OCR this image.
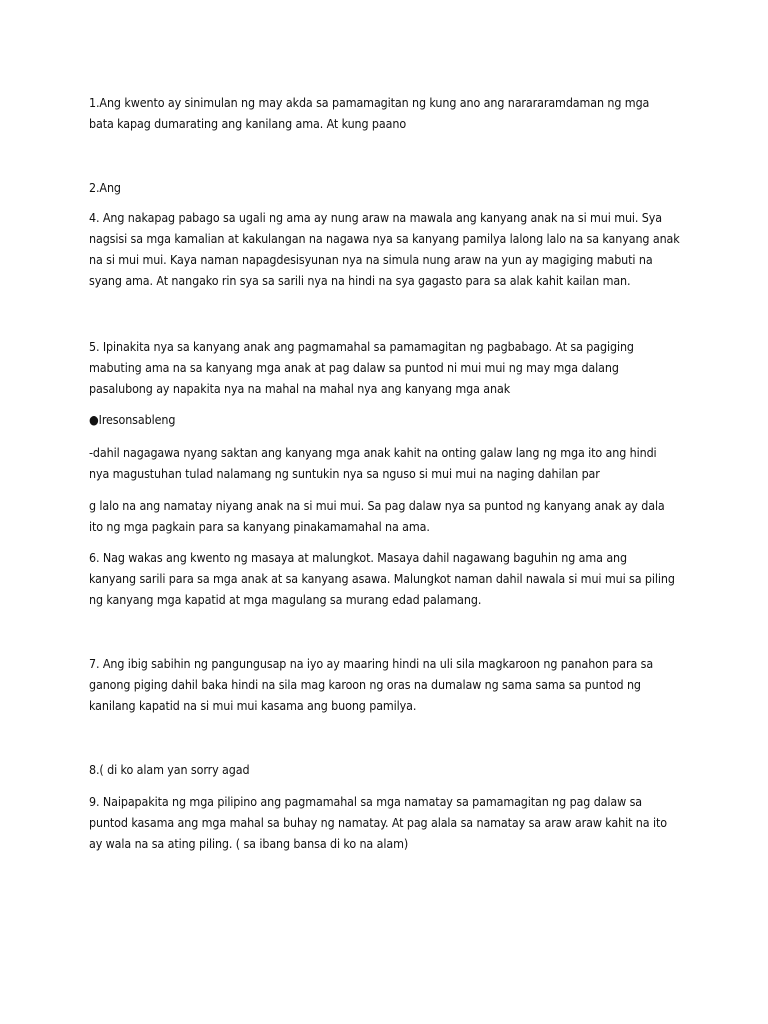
1.Ang kwento ay sinimulan ng may akda sa pamamagitan ng kung ano ang narararamdaman ng mga
bata kapag dumarating ang kanilang ama. At kung paano

2.Ang

4. Ang nakapag pabago sa ugali ng ama ay nung araw na mawala ang kanyang anak na si mui mui. Sya
nagsisi sa mga kamalian at kakulangan na nagawa nya sa kanyang pamilya lalong lalo na sa kanyang anak
na si mui mui. Kaya naman napagdesisyunan nya na simula nung araw na yun ay magiging mabuti na
syang ama. At nangako rin sya sa sarili nya na hindi na sya gagasto para sa alak kahit kailan man.

5. Ipinakita nya sa kanyang anak ang pagmamahal sa pamamagitan ng pagbabago. At sa pagiging
mabuting ama na sa kanyang mga anak at pag dalaw sa puntod ni mui mui ng may mga dalang
pasalubong ay napakita nya na mahal na mahal nya ang kanyang mga anak

●Iresonsableng

-dahil nagagawa nyang saktan ang kanyang mga anak kahit na onting galaw lang ng mga ito ang hindi
nya magustuhan tulad nalamang ng suntukin nya sa nguso si mui mui na naging dahilan par

g lalo na ang namatay niyang anak na si mui mui. Sa pag dalaw nya sa puntod ng kanyang anak ay dala
ito ng mga pagkain para sa kanyang pinakamamahal na ama.

6. Nag wakas ang kwento ng masaya at malungkot. Masaya dahil nagawang baguhin ng ama ang
kanyang sarili para sa mga anak at sa kanyang asawa. Malungkot naman dahil nawala si mui mui sa piling
ng kanyang mga kapatid at mga magulang sa murang edad palamang.

7. Ang ibig sabihin ng pangungusap na iyo ay maaring hindi na uli sila magkaroon ng panahon para sa
ganong piging dahil baka hindi na sila mag karoon ng oras na dumalaw ng sama sama sa puntod ng
kanilang kapatid na si mui mui kasama ang buong pamilya.

8.( di ko alam yan sorry agad

9. Naipapakita ng mga pilipino ang pagmamahal sa mga namatay sa pamamagitan ng pag dalaw sa
puntod kasama ang mga mahal sa buhay ng namatay. At pag alala sa namatay sa araw araw kahit na ito
ay wala na sa ating piling. ( sa ibang bansa di ko na alam)
